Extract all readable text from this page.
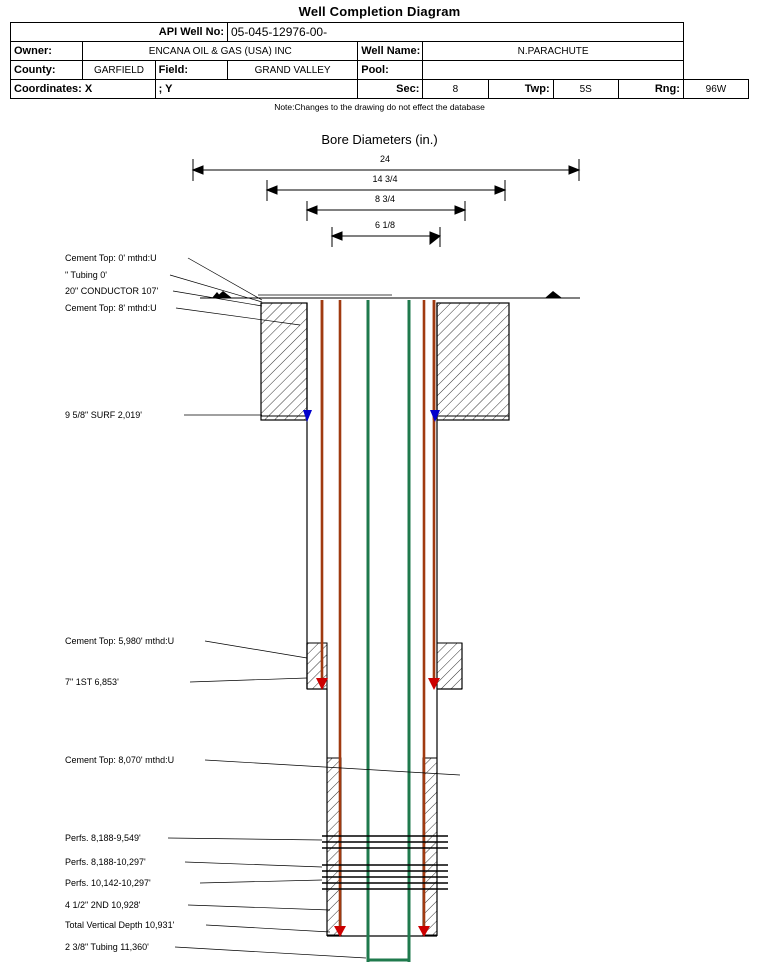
Well Completion Diagram
API Well No:			05-045-12976-00-						
Owner:	ENCANA OIL & GAS (USA) INC			Well Name:	N.PARACHUTE				
County:	GARFIELD	Field:	GRAND VALLEY	Pool:					
Coordinates: X		; Y		Sec:	8	Twp:	5S	Rng:	96W
Note:Changes to the drawing do not effect the database
Bore Diameters (in.)
24
14 3/4
8 3/4
6 1/8
Cement Top: 0' mthd:U
" Tubing 0'
20" CONDUCTOR 107'
Cement Top: 8' mthd:U
9 5/8" SURF 2,019'
Cement Top: 5,980' mthd:U
7" 1ST 6,853'
Cement Top: 8,070' mthd:U
Perfs. 8,188-9,549'
Perfs. 8,188-10,297'
Perfs. 10,142-10,297'
4 1/2" 2ND 10,928'
Total Vertical Depth 10,931'
2 3/8" Tubing 11,360'
